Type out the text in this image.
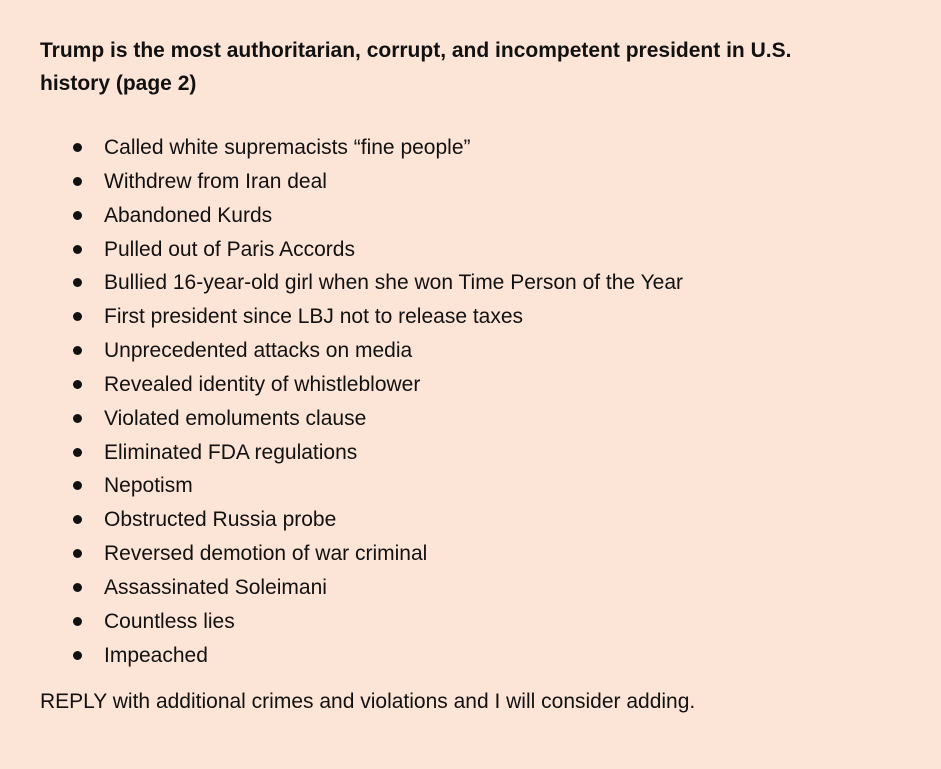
Trump is the most authoritarian, corrupt, and incompetent president in U.S. history (page 2)
Called white supremacists “fine people”
Withdrew from Iran deal
Abandoned Kurds
Pulled out of Paris Accords
Bullied 16-year-old girl when she won Time Person of the Year
First president since LBJ not to release taxes
Unprecedented attacks on media
Revealed identity of whistleblower
Violated emoluments clause
Eliminated FDA regulations
Nepotism
Obstructed Russia probe
Reversed demotion of war criminal
Assassinated Soleimani
Countless lies
Impeached

REPLY with additional crimes and violations and I will consider adding.
